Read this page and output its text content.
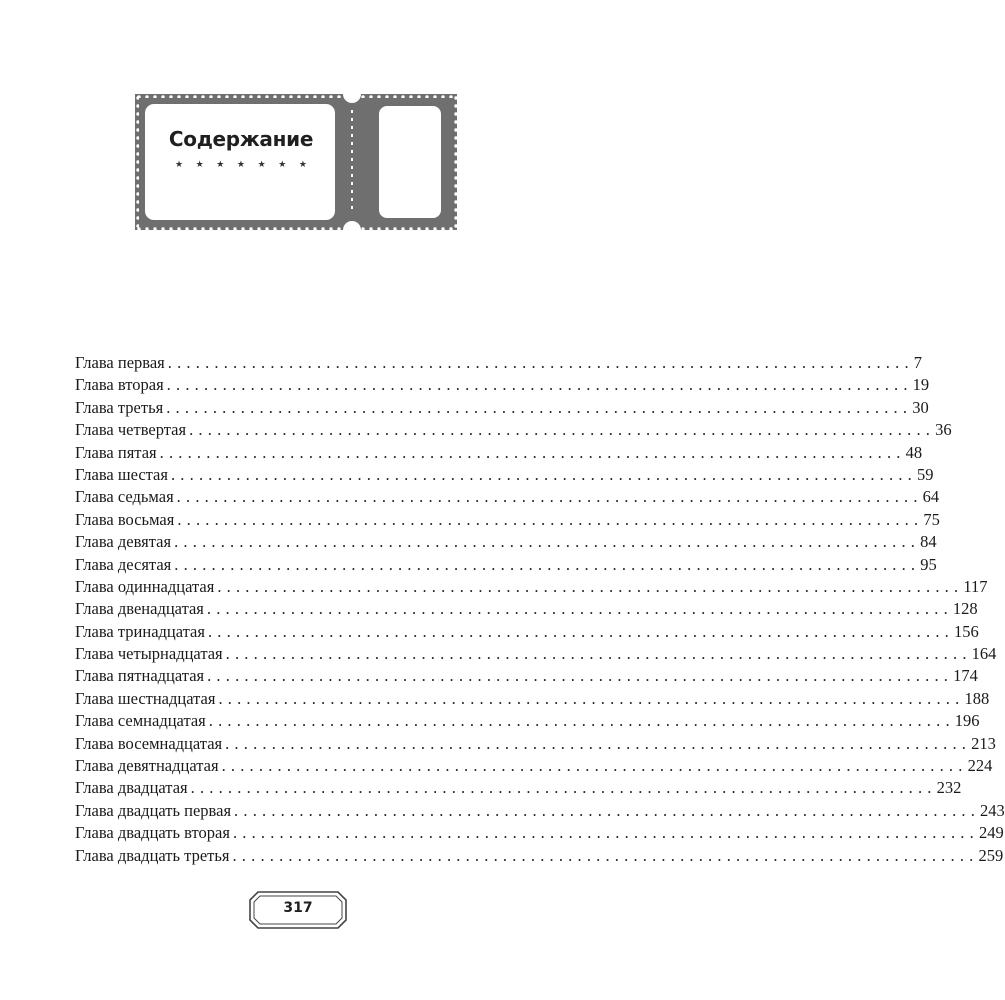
Содержание
★ ★ ★ ★ ★ ★ ★
Глава первая ................................................................................ 7
Глава вторая ................................................................................ 19
Глава третья ................................................................................ 30
Глава четвертая ................................................................................ 36
Глава пятая ................................................................................ 48
Глава шестая ................................................................................ 59
Глава седьмая ................................................................................ 64
Глава восьмая ................................................................................ 75
Глава девятая ................................................................................ 84
Глава десятая ................................................................................ 95
Глава одиннадцатая ................................................................................ 117
Глава двенадцатая ................................................................................ 128
Глава тринадцатая ................................................................................ 156
Глава четырнадцатая ................................................................................ 164
Глава пятнадцатая ................................................................................ 174
Глава шестнадцатая ................................................................................ 188
Глава семнадцатая ................................................................................ 196
Глава восемнадцатая ................................................................................ 213
Глава девятнадцатая ................................................................................ 224
Глава двадцатая ................................................................................ 232
Глава двадцать первая ................................................................................ 243
Глава двадцать вторая ................................................................................ 249
Глава двадцать третья ................................................................................ 259
317
